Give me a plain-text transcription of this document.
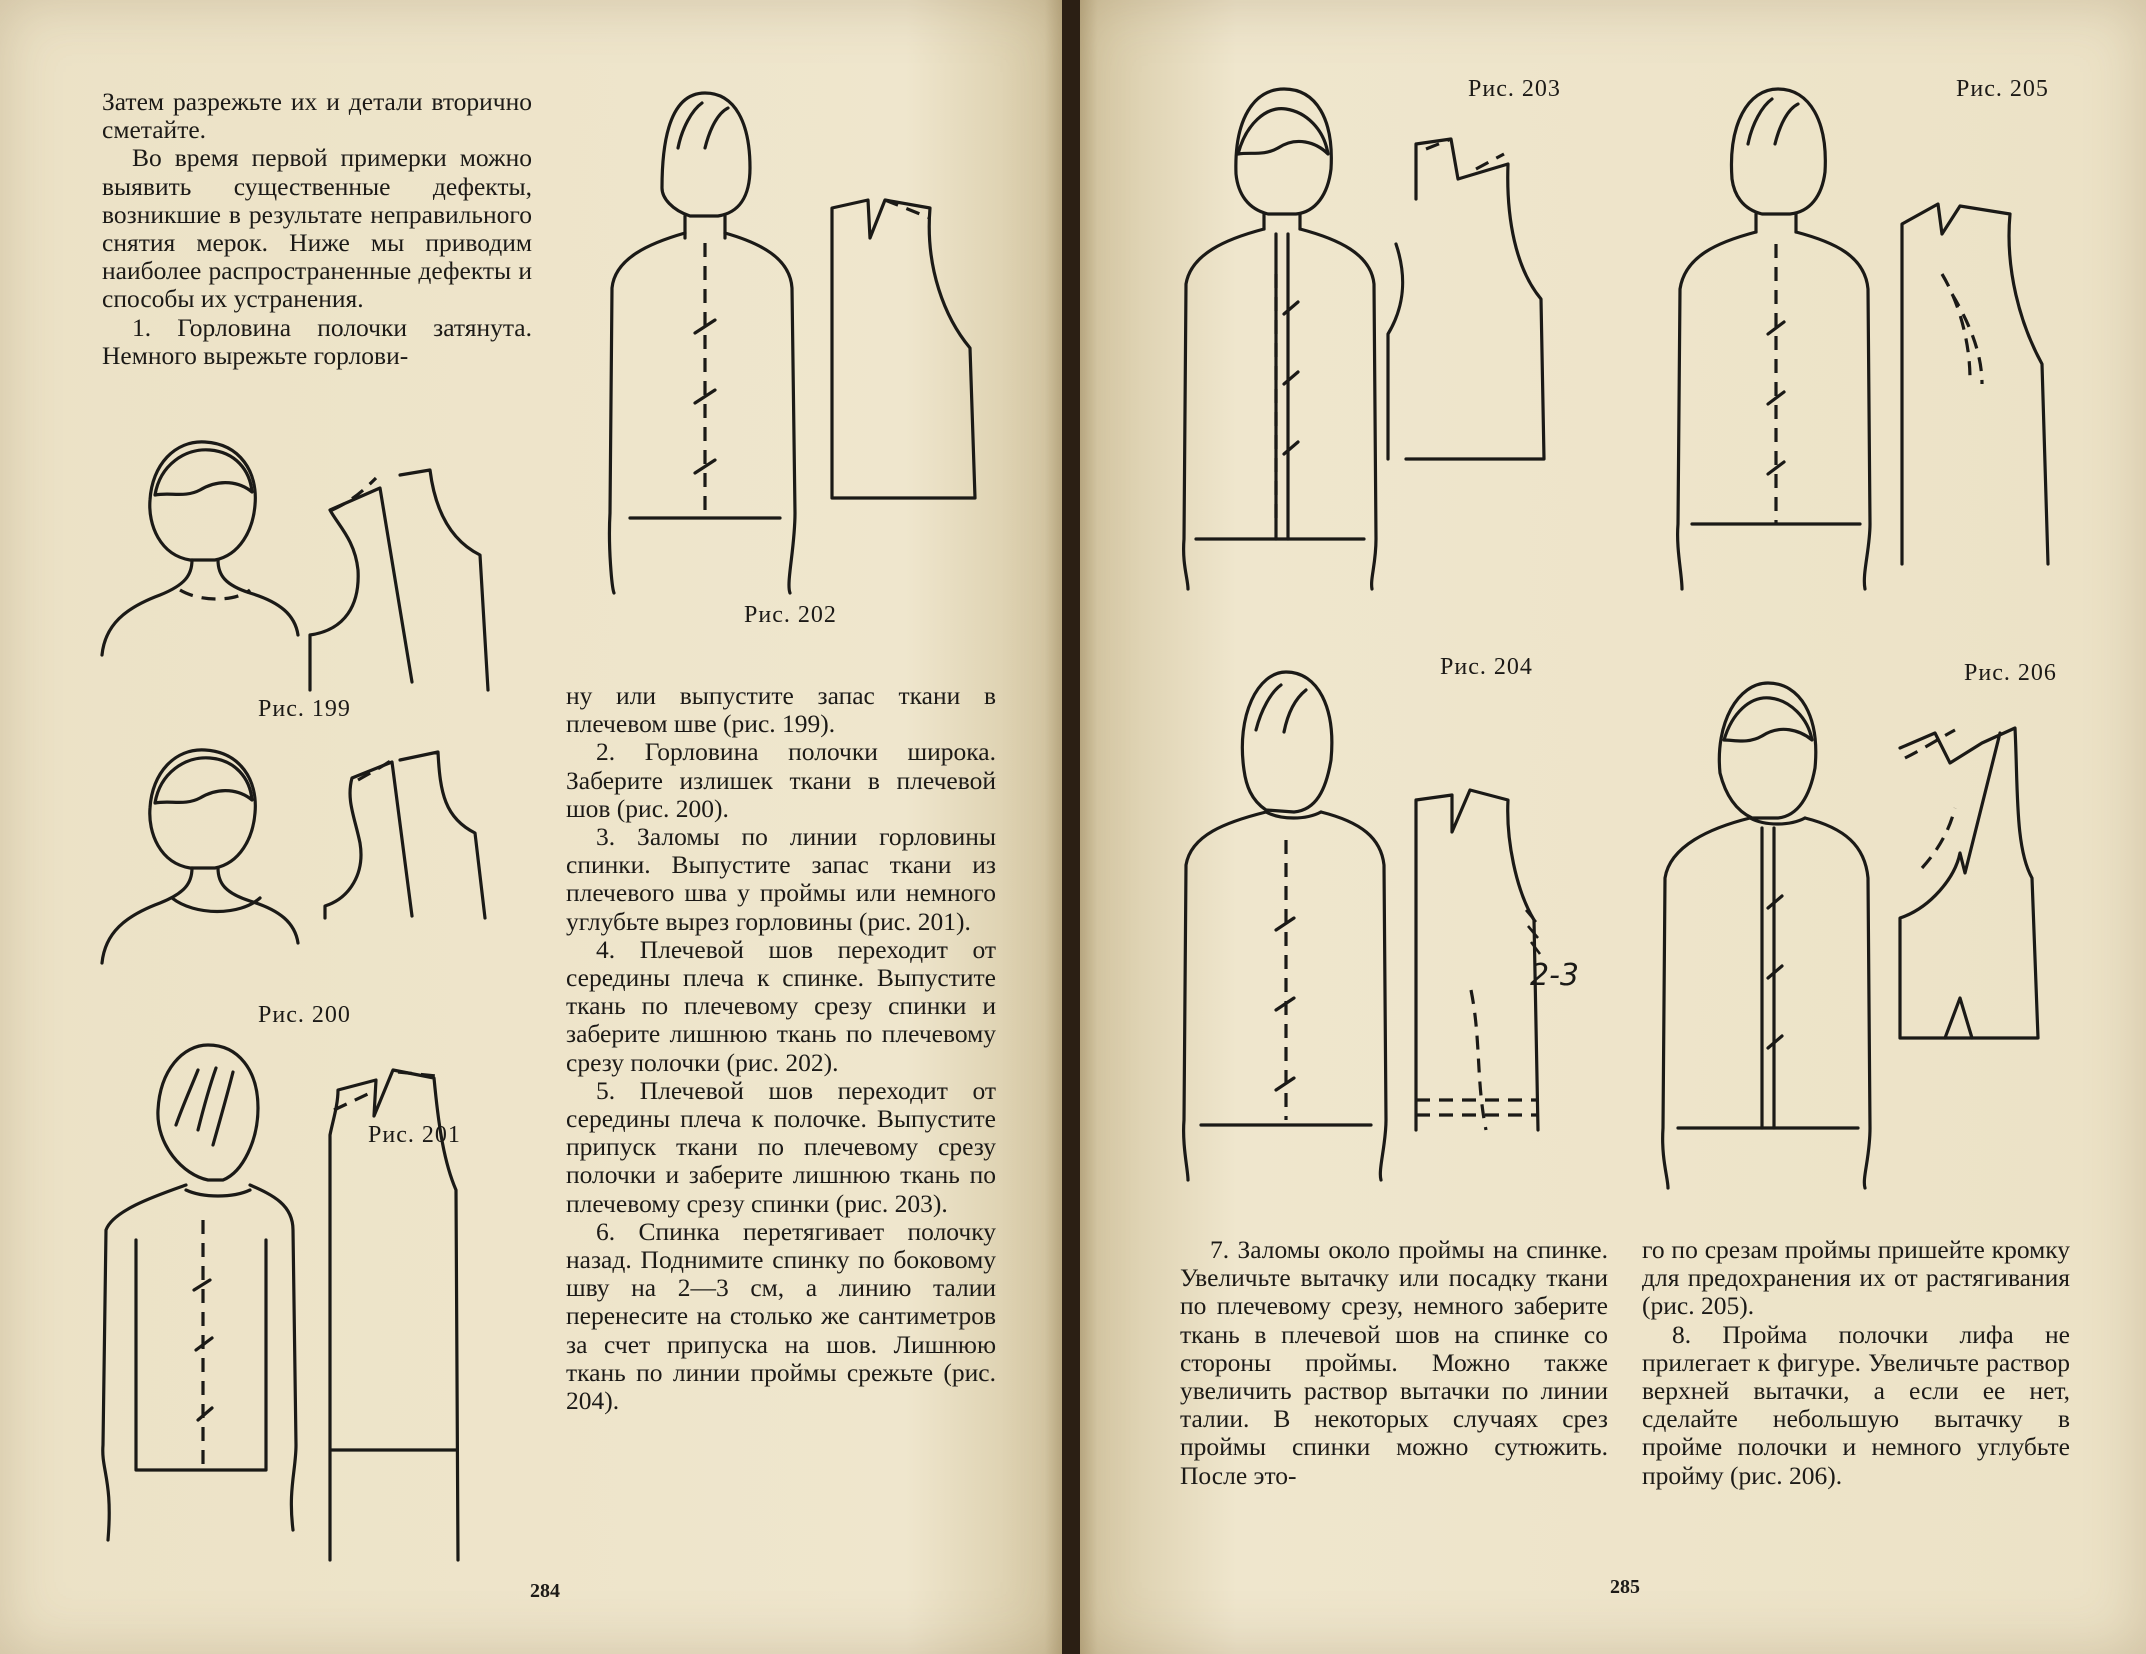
Затем разрежьте их и детали вторично сметайте.

Во время первой примерки можно выявить существенные дефекты, возникшие в результате неправильного снятия мерок. Ниже мы приводим наиболее распространенные дефекты и способы их устранения.

1. Горловина полочки затянута. Немного вырежьте горлови-

ну или выпустите запас ткани в плечевом шве (рис. 199).

2. Горловина полочки широка. Заберите излишек ткани в плечевой шов (рис. 200).

3. Заломы по линии горловины спинки. Выпустите запас ткани из плечевого шва у проймы или немного углубьте вырез горловины (рис. 201).

4. Плечевой шов переходит от середины плеча к спинке. Выпустите ткань по плечевому срезу спинки и заберите лишнюю ткань по плечевому срезу полочки (рис. 202).

5. Плечевой шов переходит от середины плеча к полочке. Выпустите припуск ткани по плечевому срезу полочки и заберите лишнюю ткань по плечевому срезу спинки (рис. 203).

6. Спинка перетягивает полочку назад. Поднимите спинку по боковому шву на 2—3 см, а линию талии перенесите на столько же сантиметров за счет припуска на шов. Лишнюю ткань по линии проймы срежьте (рис. 204).

Рис. 199
Рис. 200
Рис. 201
Рис. 202
284

7. Заломы около проймы на спинке. Увеличьте вытачку или посадку ткани по плечевому срезу, немного заберите ткань в плечевой шов на спинке со стороны проймы. Можно также увеличить раствор вытачки по линии талии. В некоторых случаях срез проймы спинки можно сутюжить. После это-

го по срезам проймы пришейте кромку для предохранения их от растягивания (рис. 205).

8. Пройма полочки лифа не прилегает к фигуре. Увеличьте раствор верхней вытачки, а если ее нет, сделайте небольшую вытачку в пройме полочки и немного углубьте пройму (рис. 206).

Рис. 203
Рис. 204
Рис. 205
Рис. 206
285
2-3
